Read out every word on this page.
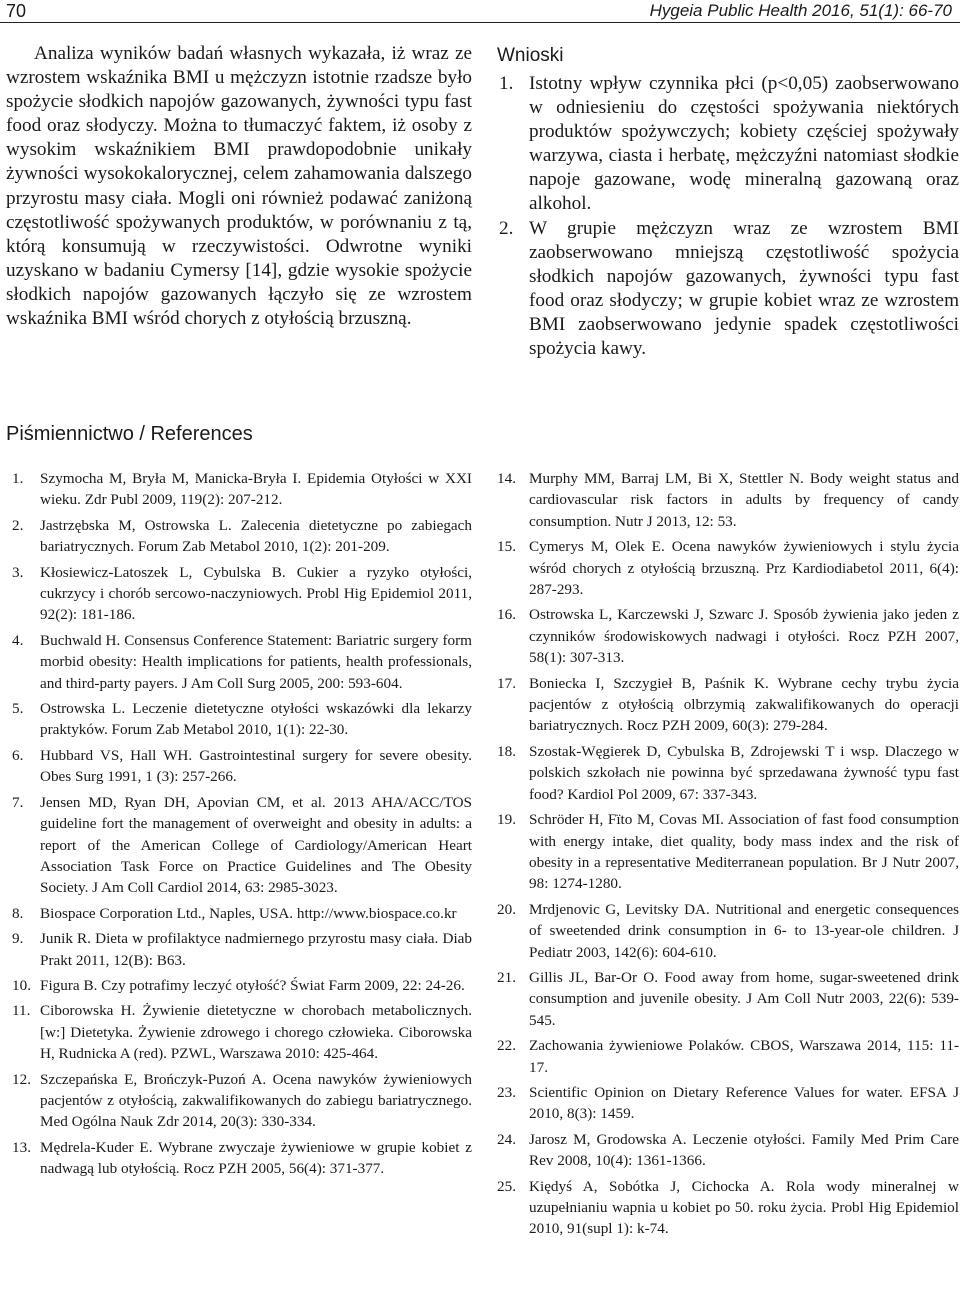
70	Hygeia Public Health 2016, 51(1): 66-70

Analiza wyników badań własnych wykazała, iż wraz ze wzrostem wskaźnika BMI u mężczyzn istotnie rzadsze było spożycie słodkich napojów gazowanych, żywności typu fast food oraz słodyczy. Można to tłumaczyć faktem, iż osoby z wysokim wskaźnikiem BMI prawdopodobnie unikały żywności wysokokalorycznej, celem zahamowania dalszego przyrostu masy ciała. Mogli oni również podawać zaniżoną częstotliwość spożywanych produktów, w porównaniu z tą, którą konsumują w rzeczywistości. Odwrotne wyniki uzyskano w badaniu Cymersy [14], gdzie wysokie spożycie słodkich napojów gazowanych łączyło się ze wzrostem wskaźnika BMI wśród chorych z otyłością brzuszną.

Wnioski
1. Istotny wpływ czynnika płci (p<0,05) zaobserwowano w odniesieniu do częstości spożywania niektórych produktów spożywczych; kobiety częściej spożywały warzywa, ciasta i herbatę, mężczyźni natomiast słodkie napoje gazowane, wodę mineralną gazowaną oraz alkohol.
2. W grupie mężczyzn wraz ze wzrostem BMI zaobserwowano mniejszą częstotliwość spożycia słodkich napojów gazowanych, żywności typu fast food oraz słodyczy; w grupie kobiet wraz ze wzrostem BMI zaobserwowano jedynie spadek częstotliwości spożycia kawy.
Piśmiennictwo / References
1.	Szymocha M, Bryła M, Manicka-Bryła I. Epidemia Otyłości w XXI wieku. Zdr Publ 2009, 119(2): 207-212.
2.	Jastrzębska M, Ostrowska L. Zalecenia dietetyczne po zabiegach bariatrycznych. Forum Zab Metabol 2010, 1(2): 201-209.
3.	Kłosiewicz-Latoszek L, Cybulska B. Cukier a ryzyko otyłości, cukrzycy i chorób sercowo-naczyniowych. Probl Hig Epidemiol 2011, 92(2): 181-186.
4.	Buchwald H. Consensus Conference Statement: Bariatric surgery form morbid obesity: Health implications for patients, health professionals, and third-party payers. J Am Coll Surg 2005, 200: 593-604.
5.	Ostrowska L. Leczenie dietetyczne otyłości wskazówki dla lekarzy praktyków. Forum Zab Metabol 2010, 1(1): 22-30.
6.	Hubbard VS, Hall WH. Gastrointestinal surgery for severe obesity. Obes Surg 1991, 1 (3): 257-266.
7.	Jensen MD, Ryan DH, Apovian CM, et al. 2013 AHA/ACC/TOS guideline fort the management of overweight and obesity in adults: a report of the American College of Cardiology/American Heart Association Task Force on Practice Guidelines and The Obesity Society. J Am Coll Cardiol 2014, 63: 2985-3023.
8.	Biospace Corporation Ltd., Naples, USA. http://www.biospace.co.kr
9.	Junik R. Dieta w profilaktyce nadmiernego przyrostu masy ciała. Diab Prakt 2011, 12(B): B63.
10. Figura B. Czy potrafimy leczyć otyłość? Świat Farm 2009, 22: 24-26.
11. Ciborowska H. Żywienie dietetyczne w chorobach metabolicznych. [w:] Dietetyka. Żywienie zdrowego i chorego człowieka. Ciborowska H, Rudnicka A (red). PZWL, Warszawa 2010: 425-464.
12. Szczepańska E, Brończyk-Puzoń A. Ocena nawyków żywieniowych pacjentów z otyłością, zakwalifikowanych do zabiegu bariatrycznego. Med Ogólna Nauk Zdr 2014, 20(3): 330-334.
13. Mędrela-Kuder E. Wybrane zwyczaje żywieniowe w grupie kobiet z nadwagą lub otyłością. Rocz PZH 2005, 56(4): 371-377.
14. Murphy MM, Barraj LM, Bi X, Stettler N. Body weight status and cardiovascular risk factors in adults by frequency of candy consumption. Nutr J 2013, 12: 53.
15. Cymerys M, Olek E. Ocena nawyków żywieniowych i stylu życia wśród chorych z otyłością brzuszną. Prz Kardiodiabetol 2011, 6(4): 287-293.
16. Ostrowska L, Karczewski J, Szwarc J. Sposób żywienia jako jeden z czynników środowiskowych nadwagi i otyłości. Rocz PZH 2007, 58(1): 307-313.
17. Boniecka I, Szczygieł B, Paśnik K. Wybrane cechy trybu życia pacjentów z otyłością olbrzymią zakwalifikowanych do operacji bariatrycznych. Rocz PZH 2009, 60(3): 279-284.
18. Szostak-Węgierek D, Cybulska B, Zdrojewski T i wsp. Dlaczego w polskich szkołach nie powinna być sprzedawana żywność typu fast food? Kardiol Pol 2009, 67: 337-343.
19. Schröder H, Fïto M, Covas MI. Association of fast food consumption with energy intake, diet quality, body mass index and the risk of obesity in a representative Mediterranean population. Br J Nutr 2007, 98: 1274-1280.
20. Mrdjenovic G, Levitsky DA. Nutritional and energetic consequences of sweetended drink consumption in 6- to 13-year-ole children. J Pediatr 2003, 142(6): 604-610.
21. Gillis JL, Bar-Or O. Food away from home, sugar-sweetened drink consumption and juvenile obesity. J Am Coll Nutr 2003, 22(6): 539-545.
22. Zachowania żywieniowe Polaków. CBOS, Warszawa 2014, 115: 11-17.
23. Scientific Opinion on Dietary Reference Values for water. EFSA J 2010, 8(3): 1459.
24. Jarosz M, Grodowska A. Leczenie otyłości. Family Med Prim Care Rev 2008, 10(4): 1361-1366.
25. Kiędyś A, Sobótka J, Cichocka A. Rola wody mineralnej w uzupełnianiu wapnia u kobiet po 50. roku życia. Probl Hig Epidemiol 2010, 91(supl 1): k-74.
